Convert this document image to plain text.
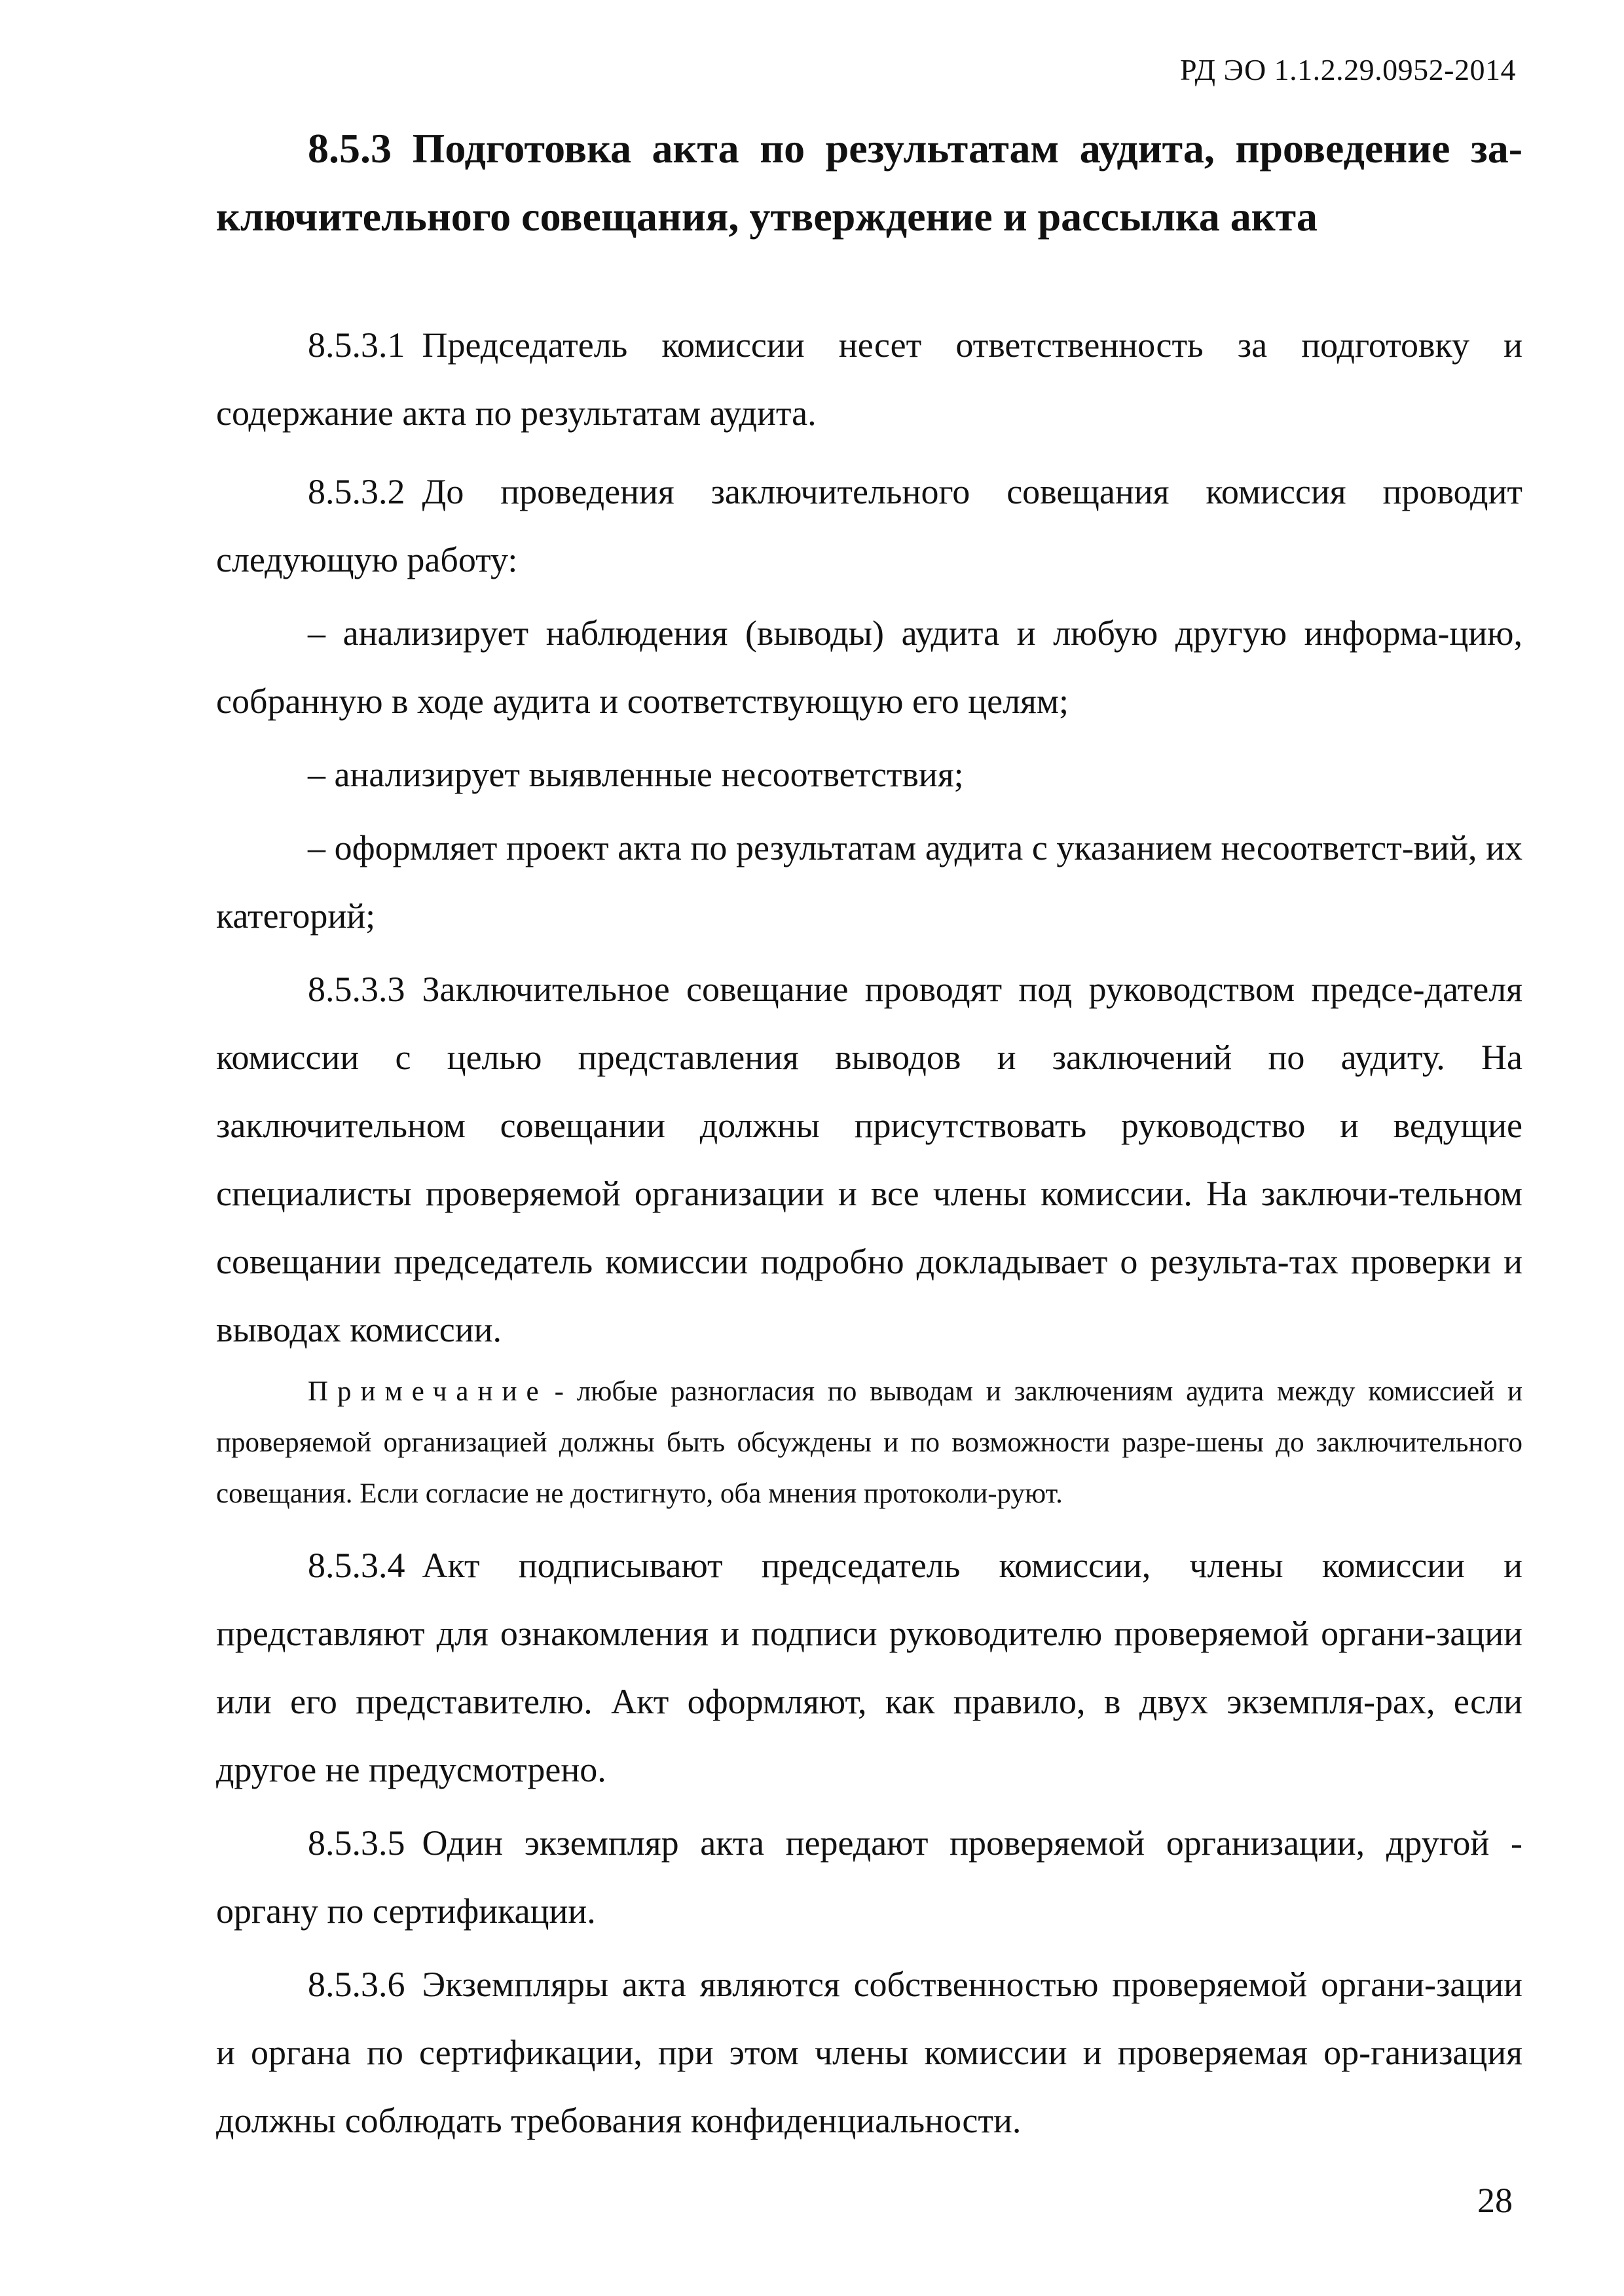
РД ЭО 1.1.2.29.0952-2014
8.5.3 Подготовка акта по результатам аудита, проведение за-
ключительного совещания, утверждение и рассылка акта

8.5.3.1 Председатель комиссии несет ответственность за подготовку и содержание акта по результатам аудита.

8.5.3.2 До проведения заключительного совещания комиссия проводит следующую работу:

– анализирует наблюдения (выводы) аудита и любую другую информа-цию, собранную в ходе аудита и соответствующую его целям;

– анализирует выявленные несоответствия;

– оформляет проект акта по результатам аудита с указанием несоответст-вий, их категорий;

8.5.3.3 Заключительное совещание проводят под руководством предсе-дателя комиссии с целью представления выводов и заключений по аудиту. На заключительном совещании должны присутствовать руководство и ведущие специалисты проверяемой организации и все члены комиссии. На заключи-тельном совещании председатель комиссии подробно докладывает о результа-тах проверки и выводах комиссии.

Примечание - любые разногласия по выводам и заключениям аудита между комиссией и проверяемой организацией должны быть обсуждены и по возможности разре-шены до заключительного совещания. Если согласие не достигнуто, оба мнения протоколи-руют.

8.5.3.4 Акт подписывают председатель комиссии, члены комиссии и представляют для ознакомления и подписи руководителю проверяемой органи-зации или его представителю. Акт оформляют, как правило, в двух экземпля-рах, если другое не предусмотрено.

8.5.3.5 Один экземпляр акта передают проверяемой организации, другой - органу по сертификации.

8.5.3.6 Экземпляры акта являются собственностью проверяемой органи-зации и органа по сертификации, при этом члены комиссии и проверяемая ор-ганизация должны соблюдать требования конфиденциальности.

28
